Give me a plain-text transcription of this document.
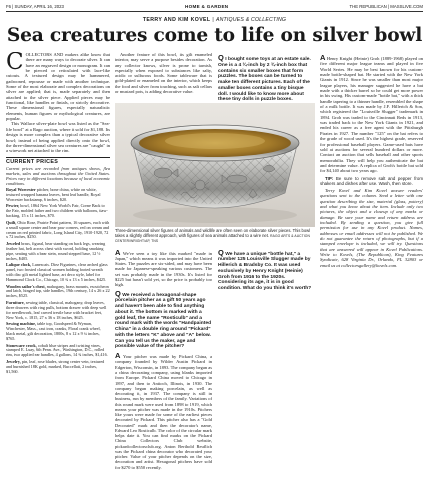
F6 | SUNDAY, APRIL 16, 2023	HOME & GARDEN	THE REPUBLICAN | MASSLIVE.COM
TERRY AND KIM KOVEL | ANTIQUES & COLLECTING
Sea creatures come to life on silver bowl

COLLECTORS AND makers alike know that there are many ways to decorate silver. It can have an engraved design or monogram. It can be pierced or reticulated with lace-like cutouts. A textured design may be hammered, gadrooned, repousse or made with another technique. Some of the most elaborate and complex decorations on silver are applied; that is, made separately and then attached to the silver piece. Applied pieces may be functional, like handles or finials, or strictly decorative. These dimensional figures, especially naturalistic elements, human figures or mythological creatures, are popular.

This Wallace silver-plate bowl was listed as the "Sea-life bowl" at a Rago auction, where it sold for $1,188. Its design is more complex than a typical decorative silver bowl; instead of being applied directly onto the bowl, the three-dimensional silver sea creatures are "caught" in a wirework net attached to the rim.

CURRENT PRICES

Current prices are recorded from antiques shows, flea markets, sales and auctions throughout the United States. Prices vary in different locations because of local economic conditions.

Royal Worcester pitcher, bone china, white on white, textured wrapped banana leaves, bent leaf handle, Royal Worcester backstamp, 6 inches, $20.

Pewter, bowl, 1864 New York World's Fair, Corne Back to the Fair, molded father and two children with balloons, tiaw-backing, 15 x 11 inches, $70.

Quilt, Ohio Rose, Prairie Point pattern, 16 squares, each with a small square center and bear paw corners, red on cream and cream on red printed fabric, Long Island City, 1910-1920, 72 x 72 inches, $250.

Jeweled brass, figural, bear standing on back legs, wearing feather hat, belt across chest with sword, holding smoking pipe, seating with a bear stein, round stepped base, 12 ½ inches, $405.

Lalique clock, Lunescais. Diez Figurines, clear arched glass panel, two frosted classical women holding footed wreath with disc gilt metal lighted base, art deco style, label for Hammond Clock Co., Chicago, 10 ¾ x 13 x 5 inches, $425.

Wooden sailor's chest, mahogany, brass mounts, escutcheon and latch, hinged top, side handles, 19th century, 14 x 26 x 22 inches, $525.

Furniture, sewing table, classical, mahogany, drop leaves, three drawers with ring pulls, bottom drawer with deep well for needlework, leaf carved trestle base with bracket feet, New York, c. 1815, 27 x 36 x 18 inches, $625.

Sewing machine, table top, Goodspeed & Wyman, Winchester, Mass., cast iron, cranks, Floral crank wheel, black metal, gilt decoration, 1800s, 8 x 12 x 9 ¼ inches, $765.

Stoneware crock, cobalt blue stripes and twisting vines, stamped E. Luay, 6th Penn. Ave., Washington, D.C., rolled rim, two applied ear handles, 4 gallons, 14 ¾ inches, $1,416.

Jewelry, pin, leaf, rose blades, strong center vein, textured and burnished 18K gold, marked, Buccellati, 2 inches, $1,560.

Another feature of this bowl, its gilt enameled interior, may serve a purpose besides decoration. As any collector knows, silver is prone to tarnish, especially when exposed to substances like salty, acidic or sulfurous foods. Some tableware that is gold-plated or enameled on the interior, which keeps the food and silver from touching, such as salt cellars or mustard pots, is adding decorative value.

Q I bought some toys at an estate sale. One is a 4 ¾-inch by 2 ¾-inch box that contains six smaller boxes that form puzzles. The boxes can be turned to make ten different pictures. Each of the smaller boxes contains a tiny bisque doll. I would like to know more about these tiny dolls in puzzle boxes.

Three-dimensional silver figures of animals and wildlife are often seen on elaborate silver pieces. This bowl takes a slightly different approach, with figures of sea animals attached to a wire net. RAGO ARTS & AUCTION CENTER/WRIGHT/AP, TNS

A We've seen a toy like this marked "made in Japan," which means it was imported into the United States. The puzzles are six-sided, and may have been made for Japanese-speaking various customers. The set was probably made in the 1930s. It's listed for $225 but hasn't sold yet, so the price is probably too high.

Q We received a hexagonal-shape porcelain pitcher as a gift 50 years ago and haven't been able to find anything about it. The bottom is marked with a gold leaf, the name "Rosticulb" and a round mark with the words "Handpainted China" in a double ring around "Pickard" with the letters "K" above and "A" below. Can you tell us the maker, age and possible value of the pitcher?

A Your pitcher was made by Pickard China, a company founded by Wilder Austin Pickard in Edgerton, Wisconsin, in 1893. The company began as a china decorating company, using blanks imported from Europe. Pickard China moved to Chicago in 1897, and then to Antioch, Illinois, in 1930. The company began making porcelain, as well as decorating it, in 1937. The company is still in business, run by members of the family. Variations of this round mark were used from 1898 to 1919, which means your pitcher was made in the 1910s. Pitchers like yours were made for some of the earliest pieces decorated by Pickard. This pitcher also has a "Gold Decorated" mark and then the decorator's name, Edward Leo Rosticulb. The color of the circular mark helps date it. You can find marks on the Pickard China Collectors Club website, pickardcollectorsclub.org. Anton Berthold Reuflich was the Pickard china decorator who decorated your pitcher. Value of your pitcher depends on the size, decoration and artist. Hexagonal pitchers have sold for $270 to $550 recently.

Q We have a unique "bottle hat," a number 125 Louisville Slugger made by Hillerich & Bradsby Co. It was used exclusively by Henry Knight (Heinie) Groh from 1916 to the 1920s. Considering its age, it is in good condition. What do you think it's worth?

A Henry Knight (Heinie) Groh (1889-1968) played on five different major league teams and played in five World Series. He may be best known for his custom-made bottle-shaped bat. He started with the New York Giants in 1912. Since he was smaller than most major league players, his manager suggested he have a bat made with a thicker barrel so he could get more power in his swing. His custom-made "bottle bat," with a thick handle tapering to a thinner handle, resembled the shape of a milk bottle. It was made by J.F. Hillerich & Son, which registered the "Louisville Slugger" trademark in 1894. Groh was traded to the Cincinnati Reds in 1913, was traded back to the New York Giants in 1921, and ended his career as a free agent with the Pittsburgh Pirates in 1927. The number "125" on the bat refers to the grade of wood used. It's the highest grade, reserved for professional baseball players. Game-used bats have sold at auctions for several hundred dollars or more. Contact an auction that sells baseball and other sports memorabilia. They will help you authenticate the bat and determine value. A replica of Groh's bottle bat sold for $4,140 about two years ago.

TIP: Be sure to remove salt and pepper from shakers and dishes after use. Wash, then store.

Terry Kovel and Kim Kovel answer readers' questions sent to the column. Send a letter with one question describing the size, material (glass, pottery) and what you know about the item. Include only two pictures, the object and a closeup of any marks or damage. Be sure your name and return address are included. By sending a question, you give full permission for use in any Kovel product. Names, addresses or email addresses will not be published. We do not guarantee the return of photographs, but if a stamped envelope is included, we will try. Questions that are answered will appear in Kovel Publications. Write to Kovels, (The Republican), King Features Syndicate, 628 Virginia Dr., Orlando, FL 32803 or email us at collectorsgallery@kovels.com.
